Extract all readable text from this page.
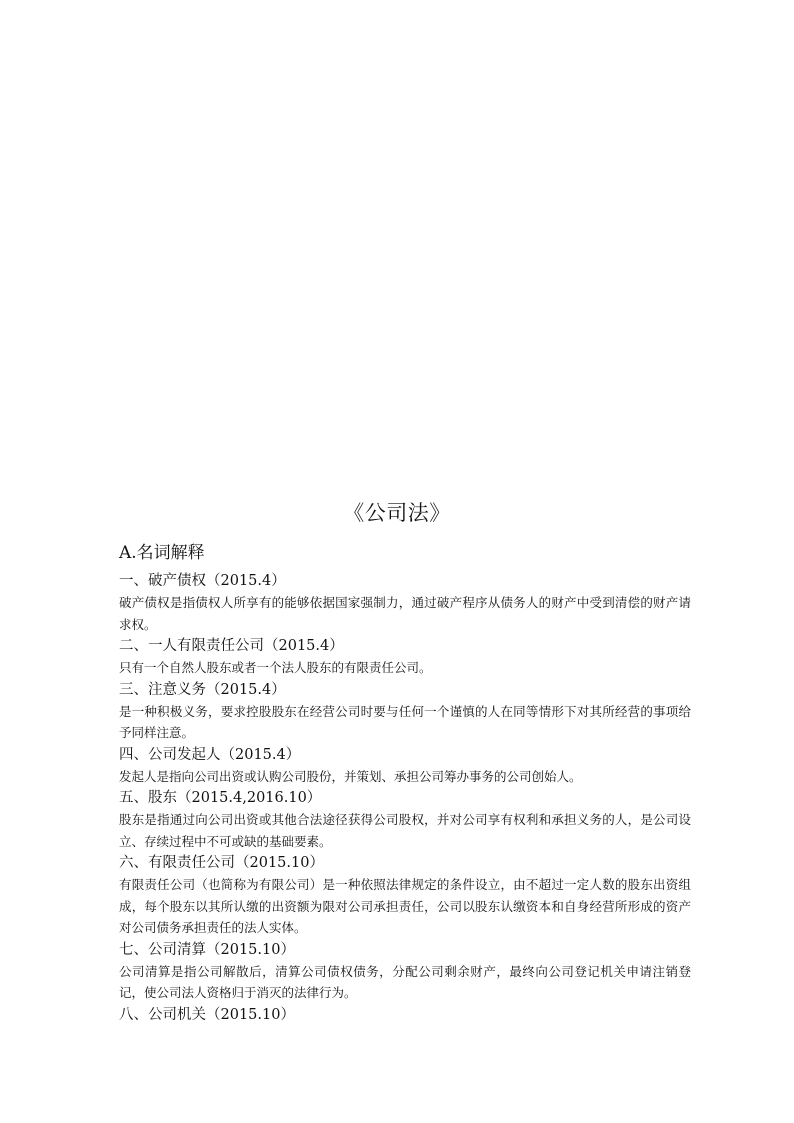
《公司法》
A.名词解释

一、破产债权（2015.4）

破产债权是指债权人所享有的能够依据国家强制力，通过破产程序从债务人的财产中受到清偿的财产请求权。

二、一人有限责任公司（2015.4）

只有一个自然人股东或者一个法人股东的有限责任公司。

三、注意义务（2015.4）

是一种积极义务，要求控股股东在经营公司时要与任何一个谨慎的人在同等情形下对其所经营的事项给予同样注意。

四、公司发起人（2015.4）

发起人是指向公司出资或认购公司股份，并策划、承担公司筹办事务的公司创始人。

五、股东（2015.4,2016.10）

股东是指通过向公司出资或其他合法途径获得公司股权，并对公司享有权利和承担义务的人，是公司设立、存续过程中不可或缺的基础要素。

六、有限责任公司（2015.10）

有限责任公司（也简称为有限公司）是一种依照法律规定的条件设立，由不超过一定人数的股东出资组成，每个股东以其所认缴的出资额为限对公司承担责任，公司以股东认缴资本和自身经营所形成的资产对公司债务承担责任的法人实体。

七、公司清算（2015.10）

公司清算是指公司解散后，清算公司债权债务，分配公司剩余财产，最终向公司登记机关申请注销登记，使公司法人资格归于消灭的法律行为。

八、公司机关（2015.10）
